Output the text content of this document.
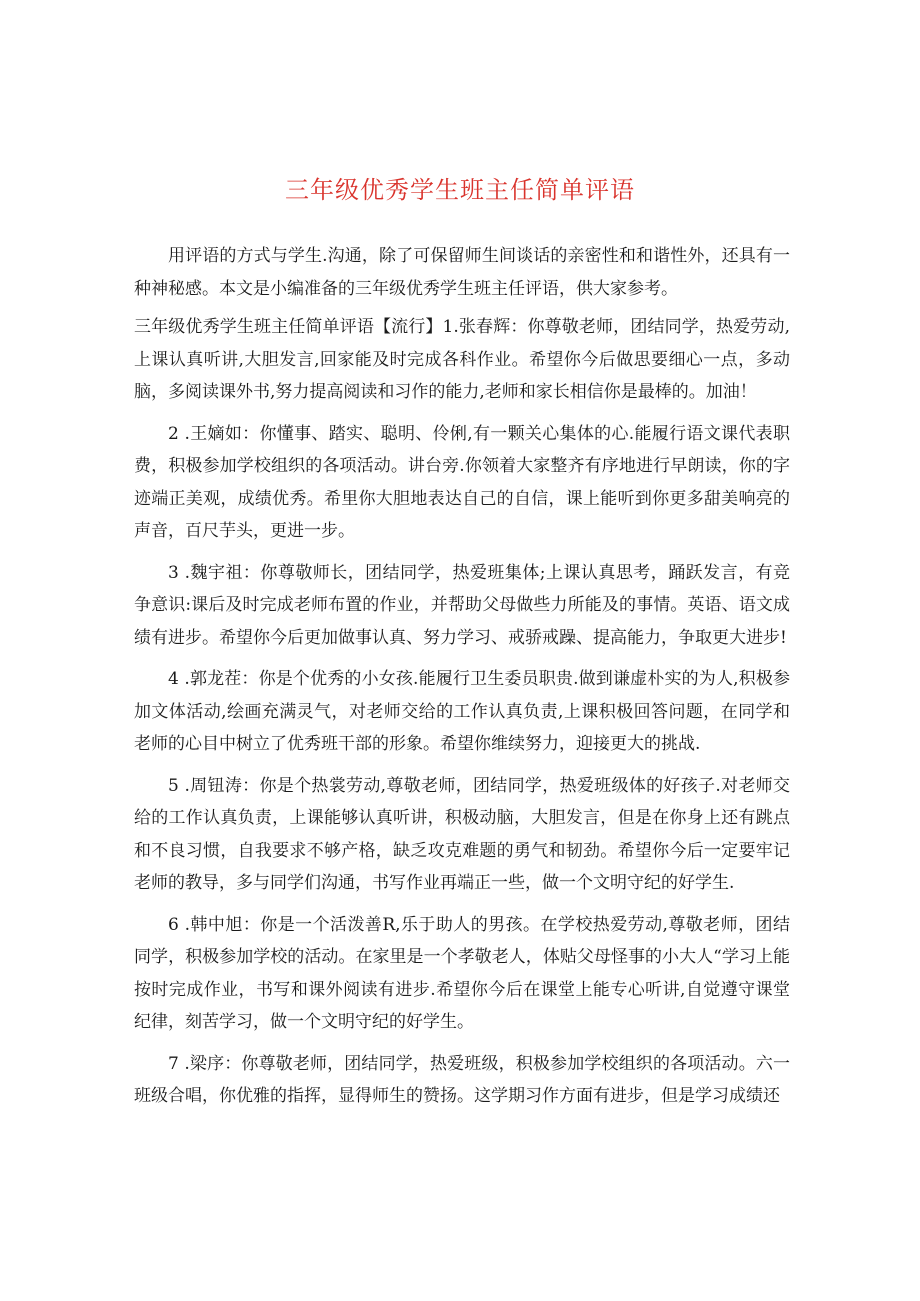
三年级优秀学生班主任简单评语

用评语的方式与学生.沟通，除了可保留师生间谈话的亲密性和和谐性外，还具有一种神秘感。本文是小编准备的三年级优秀学生班主任评语，供大家参考。

三年级优秀学生班主任简单评语【流行】1.张春辉：你尊敬老师，团结同学，热爱劳动,上课认真听讲,大胆发言,回家能及时完成各科作业。希望你今后做思要细心一点，多动脑，多阅读课外书,努力提高阅读和习作的能力,老师和家长相信你是最棒的。加油！

2 .王嫡如：你懂事、踏实、聪明、伶俐,有一颗关心集体的心.能履行语文课代表职费，积极参加学校组织的各项活动。讲台旁.你领着大家整齐有序地进行早朗读，你的字迹端正美观，成绩优秀。希里你大胆地表达自己的自信，课上能听到你更多甜美响亮的声音，百尺芋头，更进一步。

3 .魏宇祖：你尊敬师长，团结同学，热爱班集体;上课认真思考，踊跃发言，有竞争意识:课后及时完成老师布置的作业，并帮助父母做些力所能及的事情。英语、语文成绩有进步。希望你今后更加做事认真、努力学习、戒骄戒躁、提高能力，争取更大进步!

4 .郭龙茬：你是个优秀的小女孩.能履行卫生委员职贵.做到谦虚朴实的为人,积极参加文体活动,绘画充满灵气，对老师交给的工作认真负责,上课积极回答问题，在同学和老师的心目中树立了优秀班干部的形象。希望你维续努力，迎接更大的挑战.

5 .周钮涛：你是个热裳劳动,尊敬老师，团结同学，热爱班级体的好孩子.对老师交给的工作认真负责，上课能够认真听讲，积极动脑，大胆发言，但是在你身上还有跳点和不良习惯，自我要求不够产格，缺乏攻克难题的勇气和韧劲。希望你今后一定要牢记老师的教导，多与同学们沟通，书写作业再端正一些，做一个文明守纪的好学生.

6 .韩中旭：你是一个活泼善R,乐于助人的男孩。在学校热爱劳动,尊敬老师，团结同学，积极参加学校的活动。在家里是一个孝敬老人，体贴父母怪事的小大人“学习上能按时完成作业，书写和课外阅读有进步.希望你今后在课堂上能专心听讲,自觉遵守课堂纪律，刻苦学习，做一个文明守纪的好学生。

7 .梁序：你尊敬老师，团结同学，热爱班级，积极参加学校组织的各项活动。六一班级合唱，你优雅的指挥，显得师生的赞扬。这学期习作方面有进步，但是学习成绩还
